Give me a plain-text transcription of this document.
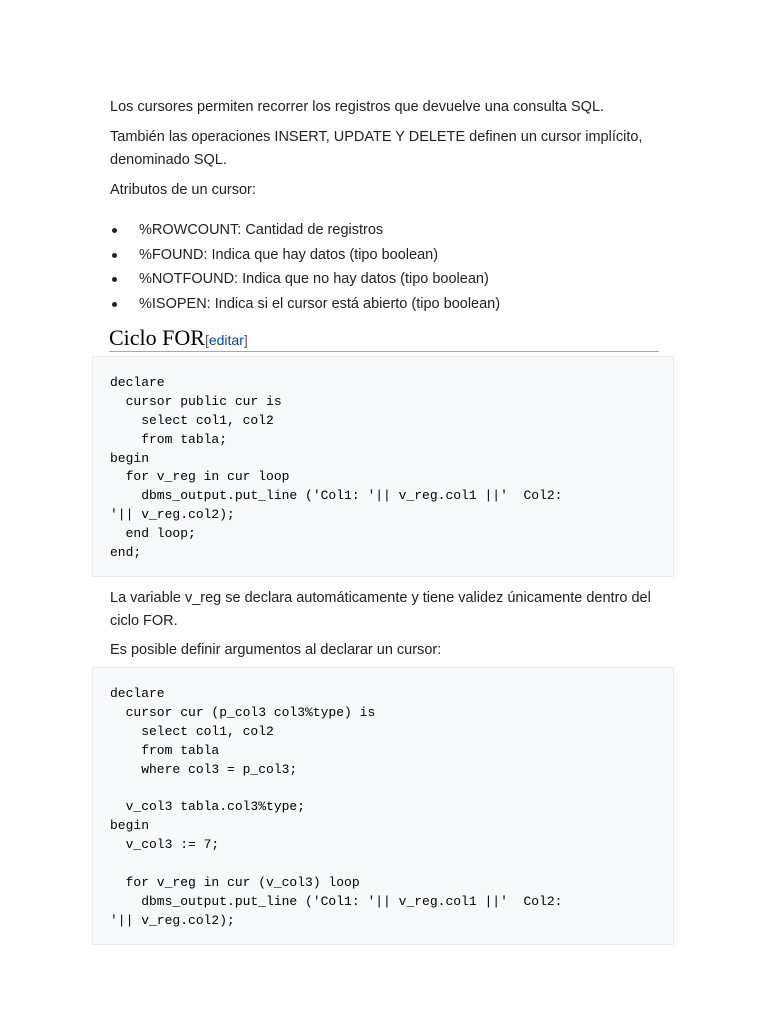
Los cursores permiten recorrer los registros que devuelve una consulta SQL.

También las operaciones INSERT, UPDATE Y DELETE definen un cursor implícito, denominado SQL.

Atributos de un cursor:

%ROWCOUNT: Cantidad de registros
%FOUND: Indica que hay datos (tipo boolean)
%NOTFOUND: Indica que no hay datos (tipo boolean)
%ISOPEN: Indica si el cursor está abierto (tipo boolean)
Ciclo FOR[editar]
declare
cursor public cur is
select col1, col2
from tabla;
begin
for v_reg in cur loop
dbms_output.put_line ('Col1: '|| v_reg.col1 ||'  Col2:
'|| v_reg.col2);
end loop;
end;

La variable v_reg se declara automáticamente y tiene validez únicamente dentro del ciclo FOR.

Es posible definir argumentos al declarar un cursor:

declare
cursor cur (p_col3 col3%type) is
select col1, col2
from tabla
where col3 = p_col3;
v_col3 tabla.col3%type;
begin
v_col3 := 7;
for v_reg in cur (v_col3) loop
dbms_output.put_line ('Col1: '|| v_reg.col1 ||'  Col2:
'|| v_reg.col2);
